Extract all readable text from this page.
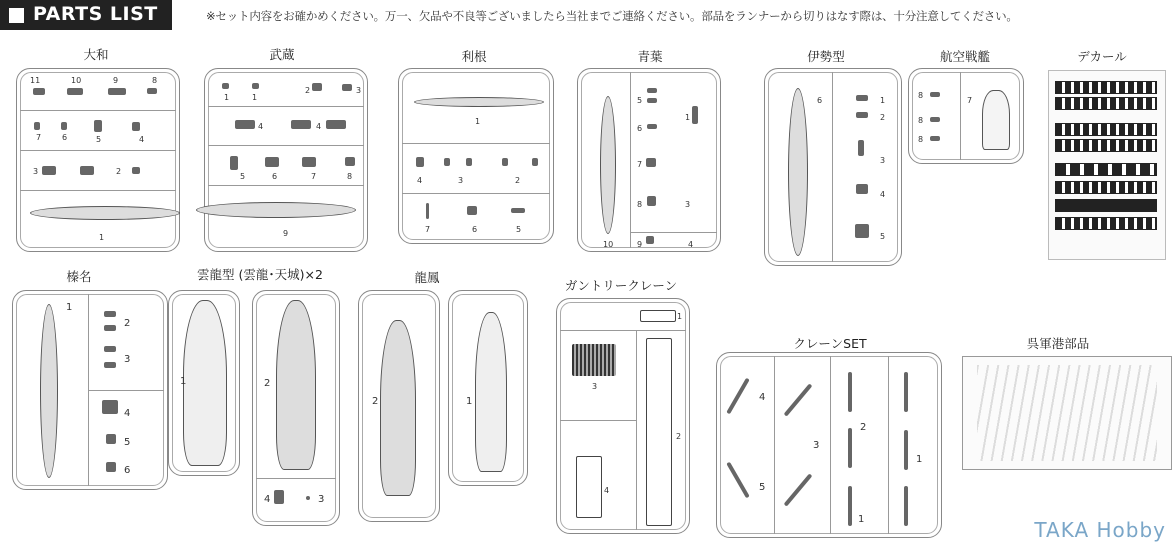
PARTS LIST	※セット内容をお確かめください。万一、欠品や不良等ございましたら当社までご連絡ください。部品をランナーから切りはなす際は、十分注意してください。
大和	武蔵	利根	青葉	伊勢型	航空戦艦	デカール
榛名	雲龍型 (雲龍･天城)×2	龍鳳
ガントリークレーン
クレーンSET	呉軍港部品
11	10	9	8
7	6	5	4
3	2
1
1	1
2	3
4	4
5	6	7	8
9
1
4	3	2
7	6	5
10
5
6
7
8	3
9	4
1
6	1
2
3
4
5
8
8
8
7
1
2
3
4
5
6
1	2
4	3
2	1
1
3
2
4
4
3
2
1
5
1	TAKA Hobby
